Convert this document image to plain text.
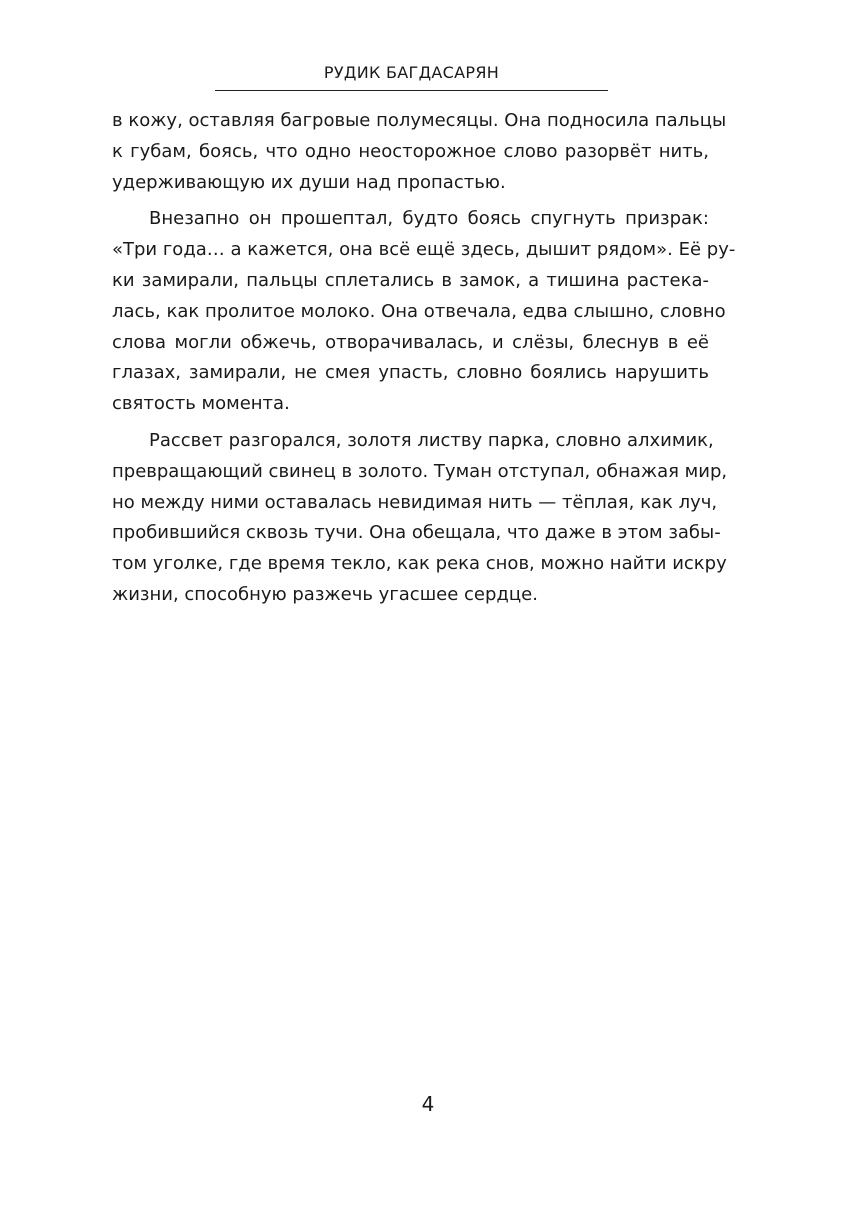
РУДИК БАГДАСАРЯН
в кожу, оставляя багровые полумесяцы. Она подносила пальцы
к губам, боясь, что одно неосторожное слово разорвёт нить,
удерживающую их души над пропастью.
Внезапно он прошептал, будто боясь спугнуть призрак:
«Три года… а кажется, она всё ещё здесь, дышит рядом». Её ру-
ки замирали, пальцы сплетались в замок, а тишина растека-
лась, как пролитое молоко. Она отвечала, едва слышно, словно
слова могли обжечь, отворачивалась, и слёзы, блеснув в её
глазах, замирали, не смея упасть, словно боялись нарушить
святость момента.
Рассвет разгорался, золотя листву парка, словно алхимик,
превращающий свинец в золото. Туман отступал, обнажая мир,
но между ними оставалась невидимая нить — тёплая, как луч,
пробившийся сквозь тучи. Она обещала, что даже в этом забы-
том уголке, где время текло, как река снов, можно найти искру
жизни, способную разжечь угасшее сердце.
4
